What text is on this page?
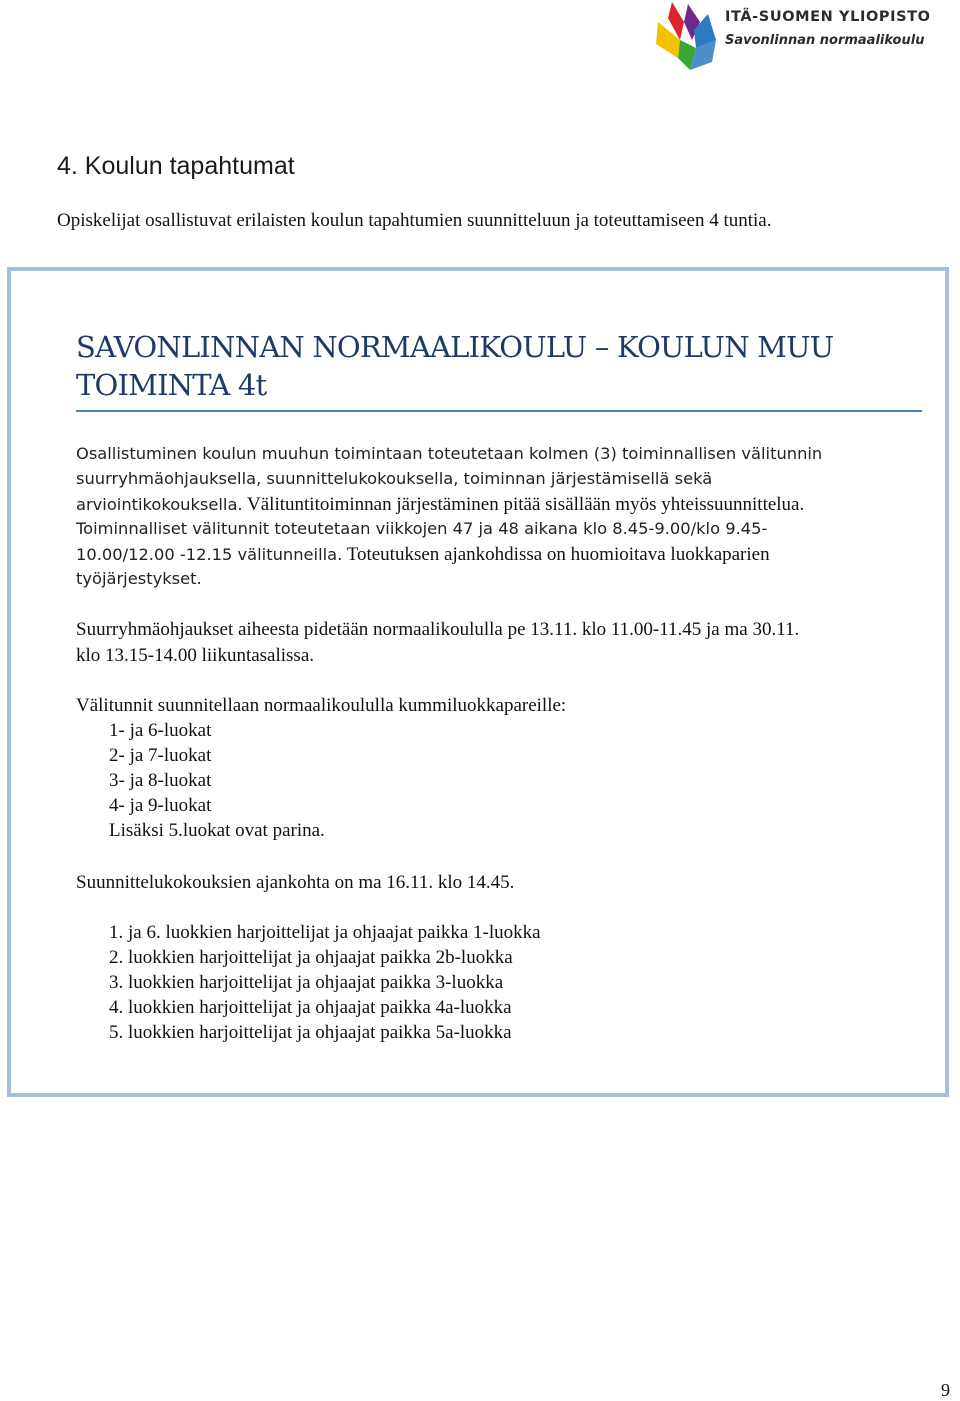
ITÄ-SUOMEN YLIOPISTO
Savonlinnan normaalikoulu
4. Koulun tapahtumat

Opiskelijat osallistuvat erilaisten koulun tapahtumien suunnitteluun ja toteuttamiseen 4 tuntia.

SAVONLINNAN NORMAALIKOULU – KOULUN MUU
TOIMINTA 4t
Osallistuminen koulun muuhun toimintaan toteutetaan kolmen (3) toiminnallisen välitunnin
suurryhmäohjauksella, suunnittelukokouksella, toiminnan järjestämisellä sekä
arviointikokouksella. Välituntitoiminnan järjestäminen pitää sisällään myös yhteissuunnittelua.
Toiminnalliset välitunnit toteutetaan viikkojen 47 ja 48 aikana klo 8.45-9.00/klo 9.45-
10.00/12.00 -12.15 välitunneilla. Toteutuksen ajankohdissa on huomioitava luokkaparien
työjärjestykset.
Suurryhmäohjaukset aiheesta pidetään normaalikoululla pe 13.11. klo 11.00-11.45 ja ma 30.11.
klo 13.15-14.00 liikuntasalissa.
Välitunnit suunnitellaan normaalikoululla kummiluokkapareille:
1- ja 6-luokat
2- ja 7-luokat
3- ja 8-luokat
4- ja 9-luokat
Lisäksi 5.luokat ovat parina.
Suunnittelukokouksien ajankohta on ma 16.11. klo 14.45.
1. ja 6. luokkien harjoittelijat ja ohjaajat paikka 1-luokka
2. luokkien harjoittelijat ja ohjaajat paikka 2b-luokka
3. luokkien harjoittelijat ja ohjaajat paikka 3-luokka
4. luokkien harjoittelijat ja ohjaajat paikka 4a-luokka
5. luokkien harjoittelijat ja ohjaajat paikka 5a-luokka
9
